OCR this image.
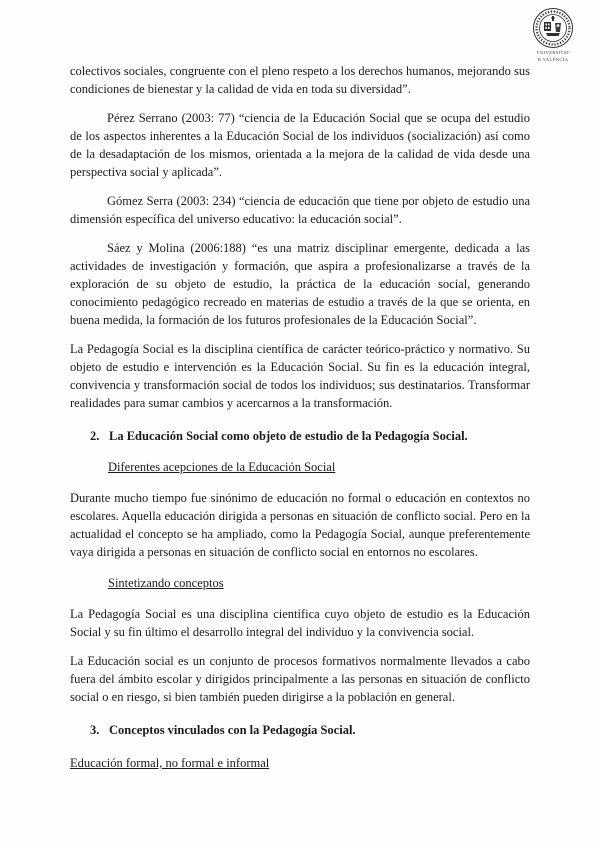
VNIVERSITAT
Đ VALÈNCIA

colectivos sociales, congruente con el pleno respeto a los derechos humanos, mejorando sus condiciones de bienestar y la calidad de vida en toda su diversidad”.

Pérez Serrano (2003: 77) “ciencia de la Educación Social que se ocupa del estudio de los aspectos inherentes a la Educación Social de los individuos (socialización) así como de la desadaptación de los mismos, orientada a la mejora de la calidad de vida desde una perspectiva social y aplicada”.

Gómez Serra (2003: 234) “ciencia de educación que tiene por objeto de estudio una dimensión específica del universo educativo: la educación social”.

Sáez y Molina (2006:188) “es una matriz disciplinar emergente, dedicada a las actividades de investigación y formación, que aspira a profesionalizarse a través de la exploración de su objeto de estudio, la práctica de la educación social, generando conocimiento pedagógico recreado en materias de estudio a través de la que se orienta, en buena medida, la formación de los futuros profesionales de la Educación Social”.

La Pedagogía Social es la disciplina científica de carácter teórico-práctico y normativo. Su objeto de estudio e intervención es la Educación Social. Su fin es la educación integral, convivencia y transformación social de todos los individuos; sus destinatarios. Transformar realidades para sumar cambios y acercarnos a la transformación.

2. La Educación Social como objeto de estudio de la Pedagogía Social.

Diferentes acepciones de la Educación Social

Durante mucho tiempo fue sinónimo de educación no formal o educación en contextos no escolares. Aquella educación dirigida a personas en situación de conflicto social. Pero en la actualidad el concepto se ha ampliado, como la Pedagogía Social, aunque preferentemente vaya dirigida a personas en situación de conflicto social en entornos no escolares.

Sintetizando conceptos

La Pedagogía Social es una disciplina científica cuyo objeto de estudio es la Educación Social y su fin último el desarrollo integral del individuo y la convivencia social.

La Educación social es un conjunto de procesos formativos normalmente llevados a cabo fuera del ámbito escolar y dirigidos principalmente a las personas en situación de conflicto social o en riesgo, si bien también pueden dirigirse a la población en general.

3. Conceptos vinculados con la Pedagogía Social.

Educación formal, no formal e informal
